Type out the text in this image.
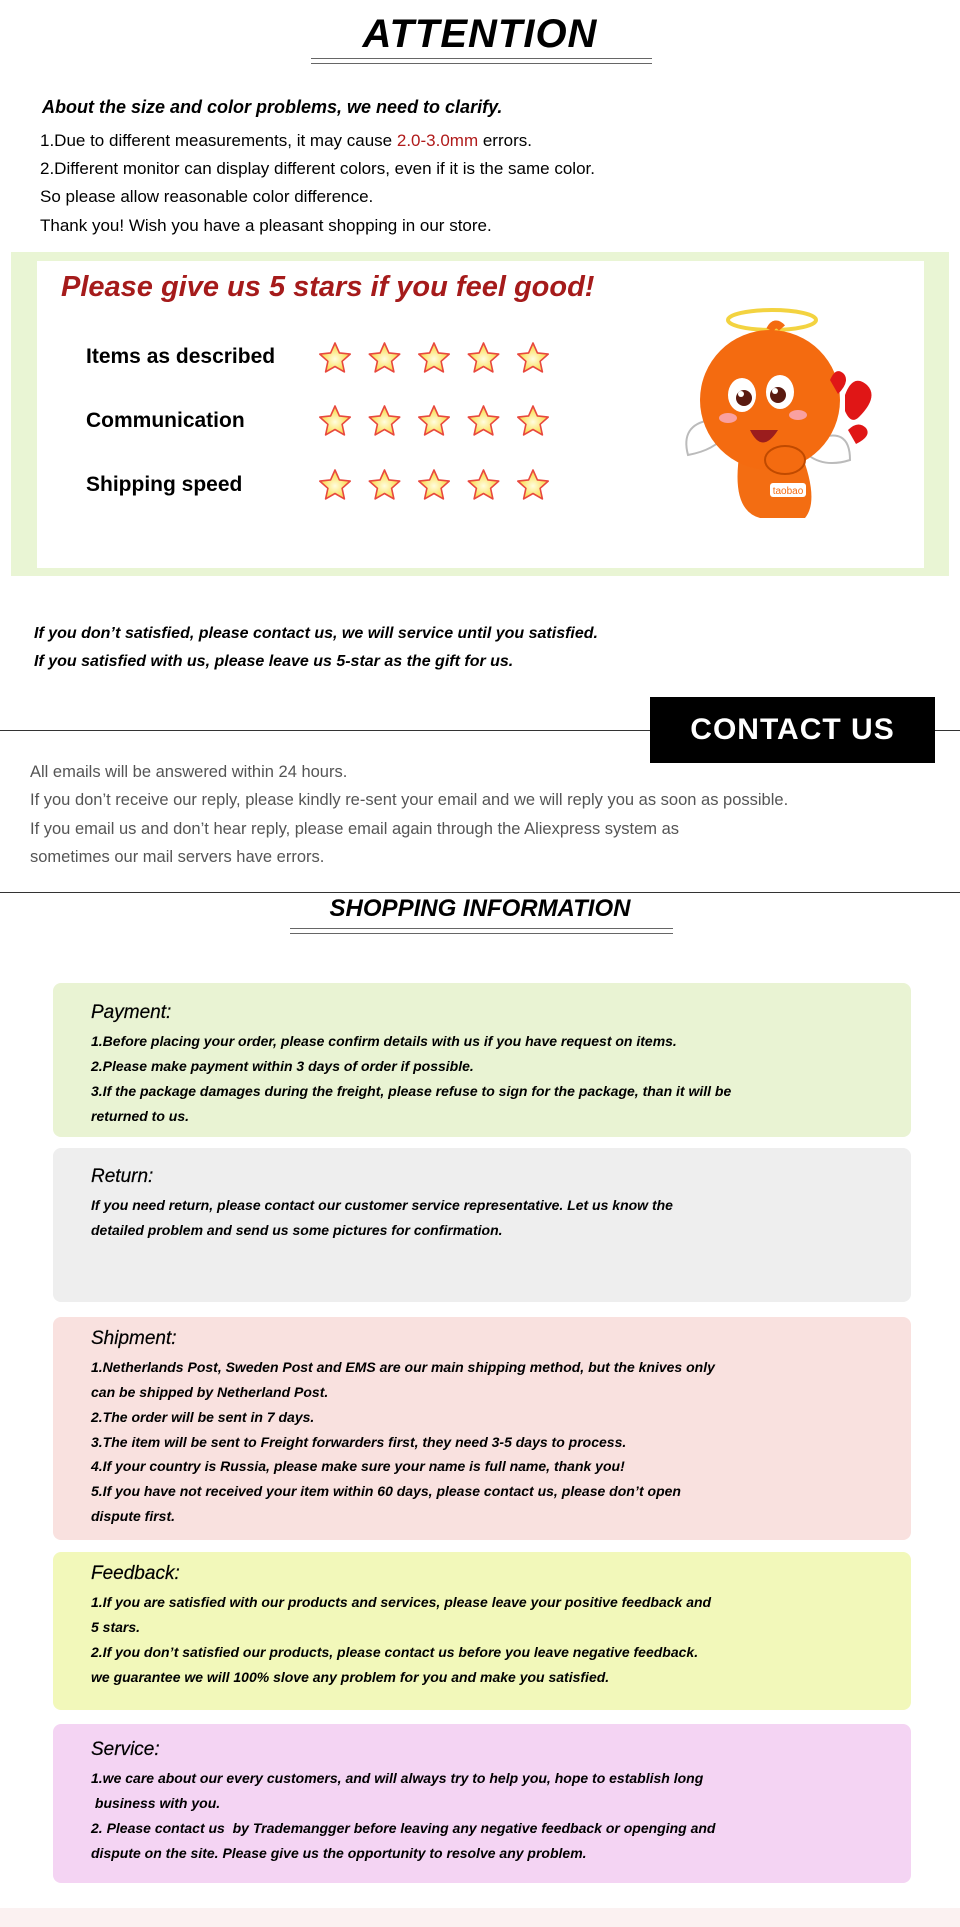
ATTENTION
About the size and color problems, we need to clarify.
1.Due to different measurements, it may cause 2.0-3.0mm errors.
2.Different monitor can display different colors, even if it is the same color.
So please allow reasonable color difference.
Thank you! Wish you have a pleasant shopping in our store.
Please give us 5 stars if you feel good!
Items as described
Communication
Shipping speed	taobao
If you don’t satisfied, please contact us, we will service until you satisfied.
If you satisfied with us, please leave us 5-star as the gift for us.
CONTACT US
All emails will be answered within 24 hours.
If you don’t receive our reply, please kindly re-sent your email and we will reply you as soon as possible.
If you email us and don’t hear reply, please email again through the Aliexpress system as
sometimes our mail servers have errors.
SHOPPING INFORMATION
Payment:
1.Before placing your order, please confirm details with us if you have request on items.
2.Please make payment within 3 days of order if possible.
3.If the package damages during the freight, please refuse to sign for the package, than it will be
returned to us.
Return:
If you need return, please contact our customer service representative. Let us know the
detailed problem and send us some pictures for confirmation.
Shipment:
1.Netherlands Post, Sweden Post and EMS are our main shipping method, but the knives only
can be shipped by Netherland Post.
2.The order will be sent in 7 days.
3.The item will be sent to Freight forwarders first, they need 3-5 days to process.
4.If your country is Russia, please make sure your name is full name, thank you!
5.If you have not received your item within 60 days, please contact us, please don’t open
dispute first.
Feedback:
1.If you are satisfied with our products and services, please leave your positive feedback and
5 stars.
2.If you don’t satisfied our products, please contact us before you leave negative feedback.
we guarantee we will 100% slove any problem for you and make you satisfied.
Service:
1.we care about our every customers, and will always try to help you, hope to establish long
business with you.
2. Please contact us  by Trademangger before leaving any negative feedback or openging and
dispute on the site. Please give us the opportunity to resolve any problem.
